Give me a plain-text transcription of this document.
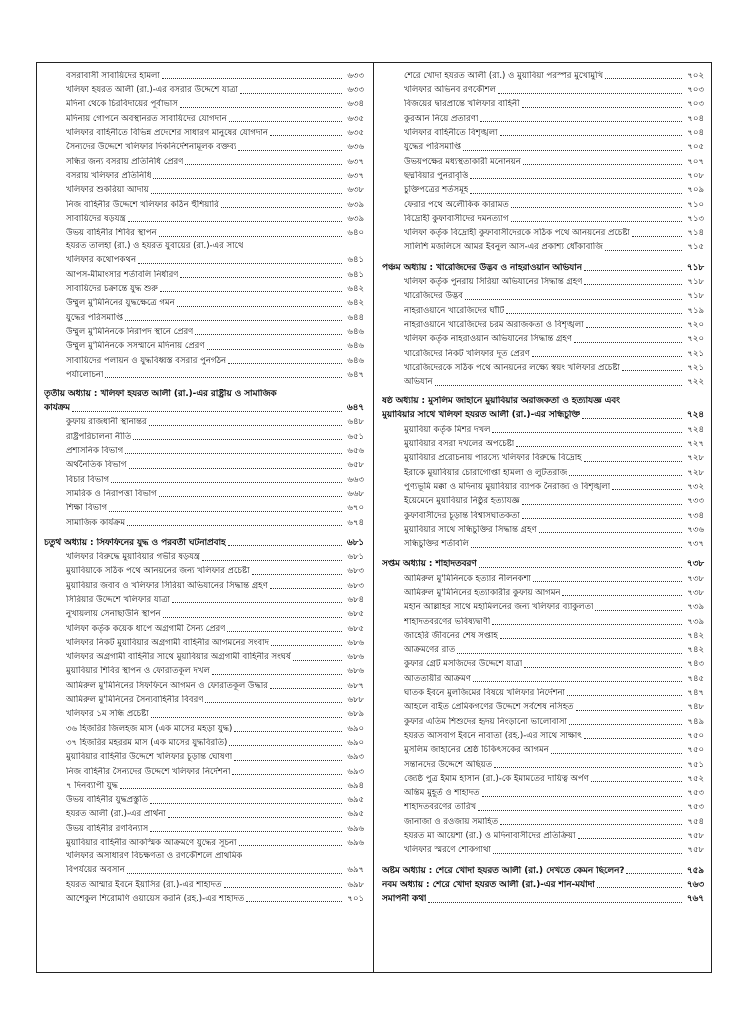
বসরাবাসী সাবায়িদের হামলা	৬৩৩
খলিফা হযরত আলী (রা.)-এর বসরার উদ্দেশে যাত্রা	৬৩৩
মদিনা থেকে চিরবিদায়ের পূর্বাভাস	৬৩৪
মদিনায় গোপনে অবস্থানরত সাবায়িদের যোগদান	৬৩৫
খলিফার বাহিনীতে বিভিন্ন প্রদেশের সাধারণ মানুষের যোগদান	৬৩৫
সৈন্যদের উদ্দেশে খলিফার দিকনির্দেশনামূলক বক্তব্য	৬৩৬
সন্ধির জন্য বসরায় প্রতিনিধি প্রেরণ	৬৩৭
বসরায় খলিফার প্রতিনিধি	৬৩৭
খলিফার শুকরিয়া আদায়	৬৩৮
নিজ বাহিনীর উদ্দেশে খলিফার কঠিন হুঁশিয়ারি	৬৩৯
সাবায়িদের ষড়যন্ত্র	৬৩৯
উভয় বাহিনীর শিবির স্থাপন	৬৪০
হযরত তালহা (রা.) ও হযরত যুবায়ের (রা.)-এর সাথে
খলিফার কথোপকথন	৬৪১
আপস-মীমাংসার শর্তাবলি নির্ধারণ	৬৪১
সাবায়িদের চক্রান্তে যুদ্ধ শুরু	৬৪২
উম্মুল মু'মিনিনের যুদ্ধক্ষেত্রে গমন	৬৪২
যুদ্ধের পরিসমাপ্তি	৬৪৪
উম্মুল মু'মিনিনকে নিরাপদ স্থানে প্রেরণ	৬৪৬
উম্মুল মু'মিনিনকে সসম্মানে মদিনায় প্রেরণ	৬৪৬
সাবায়িদের পলায়ন ও যুদ্ধবিধ্বস্ত বসরার পুনর্গঠন	৬৪৬
পর্যালোচনা	৬৪৭
তৃতীয় অধ্যায় : খলিফা হযরত আলী (রা.)-এর রাষ্ট্রীয় ও সামাজিক
কার্যক্রম	৬৪৭
কুফায় রাজধানী স্থানান্তর	৬৪৮
রাষ্ট্রপরিচালনা নীতি	৬৫১
প্রশাসনিক বিভাগ	৬৫৬
অর্থনৈতিক বিভাগ	৬৫৮
বিচার বিভাগ	৬৬৩
সামরিক ও নিরাপত্তা বিভাগ	৬৬৮
শিক্ষা বিভাগ	৬৭০
সামাজিক কার্যক্রম	৬৭৪
চতুর্থ অধ্যায় : সিফফিনের যুদ্ধ ও পরবর্তী ঘটনাপ্রবাহ	৬৮১
খলিফার বিরুদ্ধে মুয়াবিয়ার গভীর ষড়যন্ত্র	৬৮১
মুয়াবিয়াকে সঠিক পথে আনয়নের জন্য খলিফার প্রচেষ্টা	৬৮৩
মুয়াবিয়ার জবাব ও খলিফার সিরিয়া অভিযানের সিদ্ধান্ত গ্রহণ	৬৮৩
সিরিয়ার উদ্দেশে খলিফার যাত্রা	৬৮৪
নুখায়লায় সেনাছাউনি স্থাপন	৬৮৫
খলিফা কর্তৃক কয়েক ধাপে অগ্রগামী সৈন্য প্রেরণ	৬৮৫
খলিফার নিকট মুয়াবিয়ার অগ্রগামী বাহিনীর আগমনের সংবাদ	৬৮৬
খলিফার অগ্রগামী বাহিনীর সাথে মুয়াবিয়ার অগ্রগামী বাহিনীর সংঘর্ষ	৬৮৬
মুয়াবিয়ার শিবির স্থাপন ও ফোরাতকূল দখল	৬৮৬
আমিরুল মু'মিনিনের সিফফিনে আগমন ও ফোরাতকূল উদ্ধার	৬৮৭
আমিরুল মু'মিনিনের সৈন্যবাহিনীর বিবরণ	৬৮৮
খলিফার ১ম সন্ধি প্রচেষ্টা	৬৮৯
৩৬ হিজরির জিলহজ মাস (এক মাসের মহড়া যুদ্ধ)	৬৯০
৩৭ হিজরির মহররম মাস (এক মাসের যুদ্ধবিরতি)	৬৯০
মুয়াবিয়ার বাহিনীর উদ্দেশে খলিফার চূড়ান্ত ঘোষণা	৬৯৩
নিজ বাহিনীর সৈন্যদের উদ্দেশে খলিফার নির্দেশনা	৬৯৩
৭ দিনব্যাপী যুদ্ধ	৬৯৪
উভয় বাহিনীর যুদ্ধপ্রস্তুতি	৬৯৫
হযরত আলী (রা.)-এর প্রার্থনা	৬৯৫
উভয় বাহিনীর রণবিন্যাস	৬৯৬
মুয়াবিয়ার বাহিনীর আকস্মিক আক্রমণে যুদ্ধের সূচনা	৬৯৬
খলিফার অসাধারণ বিচক্ষণতা ও রণকৌশলে প্রাথমিক
বিপর্যয়ের অবসান	৬৯৭
হযরত আম্মার ইবনে ইয়াসির (রা.)-এর শাহাদত	৬৯৮
আশেকুল শিরোমণি ওয়ায়েস করনি (রহ.)-এর শাহাদত	৭০১
শেরে খোদা হযরত আলী (রা.) ও মুয়াবিয়া পরস্পর মুখোমুখি	৭০২
খলিফার অভিনব রণকৌশল	৭০৩
বিজয়ের দ্বারপ্রান্তে খলিফার বাহিনী	৭০৩
কুরআন নিয়ে প্রতারণা	৭০৪
খলিফার বাহিনীতে বিশৃঙ্খলা	৭০৪
যুদ্ধের পরিসমাপ্তি	৭০৫
উভয়পক্ষের মধ্যস্থতাকারী মনোনয়ন	৭০৭
ছদ্মবিয়ার পুনরাবৃত্তি	৭০৮
চুক্তিপত্রের শর্তসমূহ	৭০৯
ফেরার পথে অলৌকিক কারামত	৭১০
বিদ্রোহী কুফাবাসীদের দমনত্যাগ	৭১৩
খলিফা কর্তৃক বিদ্রোহী কুফাবাসীদেরকে সঠিক পথে আনয়নের প্রচেষ্টা	৭১৪
সালিশি মজলিসে আমর ইবনুল আস-এর প্রকাশ্য ধোঁকাবাজি	৭১৫
পঞ্চম অধ্যায় : খারেজিদের উদ্ভব ও নাহরাওয়ান অভিযান	৭১৮
খলিফা কর্তৃক পুনরায় সিরিয়া অভিযানের সিদ্ধান্ত গ্রহণ	৭১৮
খারেজিদের উদ্ভব	৭১৮
নাহরাওয়ানে খারেজিদের ঘাঁটি	৭১৯
নাহরাওয়ানে খারেজিদের চরম অরাজকতা ও বিশৃঙ্খলা	৭২০
খলিফা কর্তৃক নাহরাওয়ান অভিযানের সিদ্ধান্ত গ্রহণ	৭২০
খারেজিদের নিকট খলিফার দূত প্রেরণ	৭২১
খারেজিদেরকে সঠিক পথে আনয়নের লক্ষ্যে স্বয়ং খলিফার প্রচেষ্টা	৭২১
অভিযান	৭২২
ষষ্ঠ অধ্যায় : মুসলিম জাহানে মুয়াবিয়ার অরাজকতা ও হত্যাযজ্ঞ এবং
মুয়াবিয়ার সাথে খলিফা হযরত আলী (রা.)-এর সন্ধিচুক্তি	৭২৪
মুয়াবিয়া কর্তৃক মিশর দখল	৭২৪
মুয়াবিয়ার বসরা দখলের অপচেষ্টা	৭২৭
মুয়াবিয়ার প্ররোচনায় পারস্যে খলিফার বিরুদ্ধে বিদ্রোহ	৭২৮
ইরাকে মুয়াবিয়ার চোরাগোপ্তা হামলা ও লুটতরাজ	৭২৮
পুণ্যভূমি মক্কা ও মদিনায় মুয়াবিয়ার ব্যাপক নৈরাজ্য ও বিশৃঙ্খলা	৭৩২
ইয়েমেনে মুয়াবিয়ার নিষ্ঠুর হত্যাযজ্ঞ	৭৩৩
কুফাবাসীদের চূড়ান্ত বিশ্বাসঘাতকতা	৭৩৪
মুয়াবিয়ার সাথে সন্ধিচুক্তির সিদ্ধান্ত গ্রহণ	৭৩৬
সন্ধিচুক্তির শর্তাবলি	৭৩৭
সপ্তম অধ্যায় : শাহাদতবরণ	৭৩৮
আমিরুল মু'মিনিনকে হত্যার নীলনকশা	৭৩৮
আমিরুল মু'মিনিনের হত্যাকারীর কুফায় আগমন	৭৩৮
মহান আল্লাহর সাথে মহামিলনের জন্য খলিফার ব্যাকুলতা	৭৩৯
শাহাদতবরণের ভবিষ্যদ্বাণী	৭৩৯
জাহেরি জীবনের শেষ সপ্তাহ	৭৪২
আক্রমণের রাত	৭৪২
কুফার গ্রেট মসজিদের উদ্দেশে যাত্রা	৭৪৩
আততায়ীর আক্রমণ	৭৪৫
ঘাতক ইবনে মুলজিমের বিষয়ে খলিফার নির্দেশনা	৭৪৭
আহলে বাইত প্রেমিকগণের উদ্দেশে সর্বশেষ নসিহত	৭৪৮
কুফার এতিম শিশুদের হৃদয় নিংড়ানো ভালোবাসা	৭৪৯
হযরত আসবাগ ইবনে নাবাতা (রহ.)-এর সাথে সাক্ষাৎ	৭৫০
মুসলিম জাহানের শ্রেষ্ঠ চিকিৎসকের আগমন	৭৫০
সন্তানদের উদ্দেশে অছিয়ত	৭৫১
জ্যেষ্ঠ পুত্র ইমাম হাসান (রা.)-কে ইমামতের দায়িত্ব অর্পণ	৭৫২
অন্তিম মুহূর্ত ও শাহাদত	৭৫৩
শাহাদতবরণের তারিখ	৭৫৩
জানাজা ও রওজায় সমাহিত	৭৫৪
হযরত মা আয়েশা (রা.) ও মদিনাবাসীদের প্রতিক্রিয়া	৭৫৮
খলিফার স্মরণে শোকগাথা	৭৫৮
অষ্টম অধ্যায় : শেরে খোদা হযরত আলী (রা.) দেখতে কেমন ছিলেন?	৭৫৯
নবম অধ্যায় : শেরে খোদা হযরত আলী (রা.)-এর শান-মর্যাদা	৭৬৩
সমাপনী কথা	৭৬৭
